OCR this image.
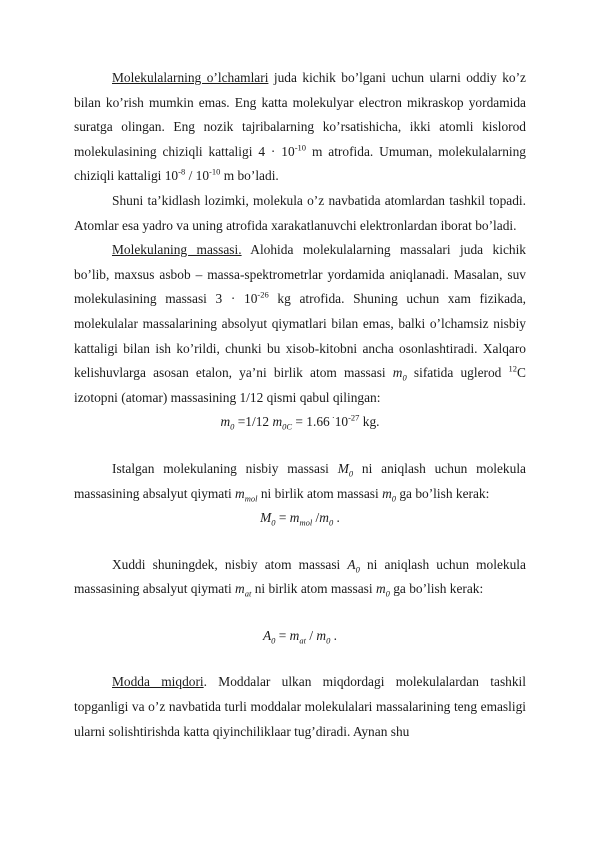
Molekulalarning o’lchamlari juda kichik bo’lgani uchun ularni oddiy ko’z bilan ko’rish mumkin emas. Eng katta molekulyar electron mikraskop yordamida suratga olingan. Eng nozik tajribalarning ko’rsatishicha, ikki atomli kislorod molekulasining chiziqli kattaligi $4 \cdot 10^{-10}$ m atrofida. Umuman, molekulalarning chiziqli kattaligi $10^{-8} / 10^{-10}$ m bo’ladi.

Shuni ta’kidlash lozimki, molekula o’z navbatida atomlardan tashkil topadi. Atomlar esa yadro va uning atrofida xarakatlanuvchi elektronlardan iborat bo’ladi.

Molekulaning massasi. Alohida molekulalarning massalari juda kichik bo’lib, maxsus asbob – massa-spektrometrlar yordamida aniqlanadi. Masalan, suv molekulasining massasi $3 \cdot 10^{-26}$ kg atrofida. Shuning uchun xam fizikada, molekulalar massalarining absolyut qiymatlari bilan emas, balki o’lchamsiz nisbiy kattaligi bilan ish ko’rildi, chunki bu xisob-kitobni ancha osonlashtiradi. Xalqaro kelishuvlarga asosan etalon, ya’ni birlik atom massasi $m_0$ sifatida uglerod $^{12}$C izotopni (atomar) massasining 1/12 qismi qabul qilingan:

$m_0 =1/12$ $m_{0C} = 1.66$ $^\cdot 10^{-27}$ kg.

Istalgan molekulaning nisbiy massasi $M_0$ ni aniqlash uchun molekula massasining absalyut qiymati $m_{mol}$ ni birlik atom massasi $m_0$ ga bo’lish kerak:

$M_0 = m_{mol}$ $/m_0$ .

Xuddi shuningdek, nisbiy atom massasi $A_0$ ni aniqlash uchun molekula massasining absalyut qiymati $m_{at}$ ni birlik atom massasi $m_0$ ga bo’lish kerak:

$A_0 = m_{at} / m_0$ .

Modda miqdori. Moddalar ulkan miqdordagi molekulalardan tashkil topganligi va o’z navbatida turli moddalar molekulalari massalarining teng emasligi ularni solishtirishda katta qiyinchiliklaar tug’diradi. Aynan shu
